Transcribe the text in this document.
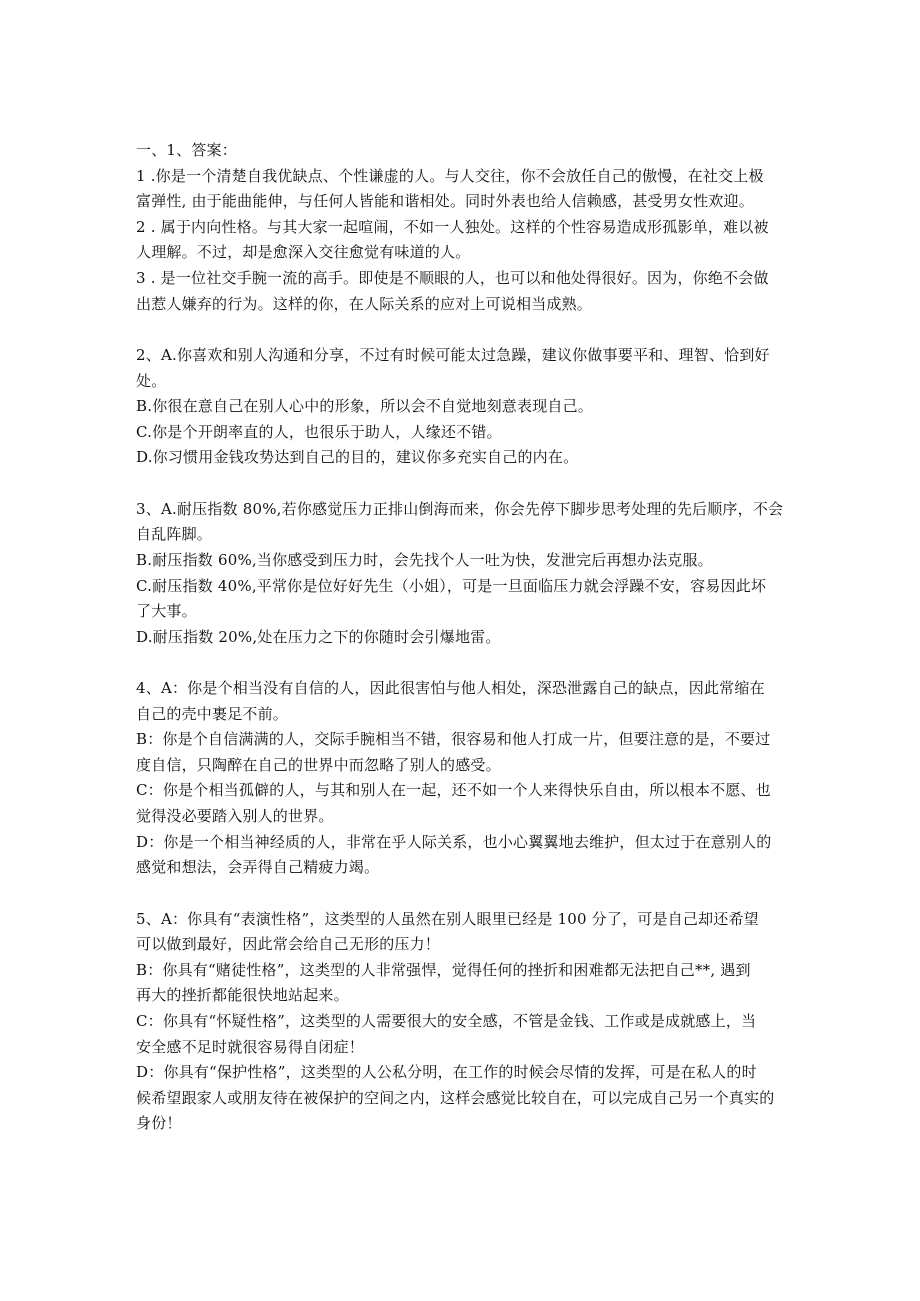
一、1、答案：
1 .你是一个清楚自我优缺点、个性谦虚的人。与人交往，你不会放任自己的傲慢，在社交上极
富弹性, 由于能曲能伸，与任何人皆能和谐相处。同时外表也给人信赖感，甚受男女性欢迎。
2 . 属于内向性格。与其大家一起喧闹，不如一人独处。这样的个性容易造成形孤影单，难以被
人理解。不过，却是愈深入交往愈觉有味道的人。
3 . 是一位社交手腕一流的高手。即使是不顺眼的人，也可以和他处得很好。因为，你绝不会做
出惹人嫌弃的行为。这样的你，在人际关系的应对上可说相当成熟。
2、A.你喜欢和别人沟通和分享，不过有时候可能太过急躁，建议你做事要平和、理智、恰到好
处。
B.你很在意自己在别人心中的形象，所以会不自觉地刻意表现自己。
C.你是个开朗率直的人，也很乐于助人，人缘还不错。
D.你习惯用金钱攻势达到自己的目的，建议你多充实自己的内在。
3、A.耐压指数 80%,若你感觉压力正排山倒海而来，你会先停下脚步思考处理的先后顺序，不会
自乱阵脚。
B.耐压指数 60%,当你感受到压力时，会先找个人一吐为快，发泄完后再想办法克服。
C.耐压指数 40%,平常你是位好好先生（小姐），可是一旦面临压力就会浮躁不安，容易因此坏
了大事。
D.耐压指数 20%,处在压力之下的你随时会引爆地雷。
4、A：你是个相当没有自信的人，因此很害怕与他人相处，深恐泄露自己的缺点，因此常缩在
自己的壳中裹足不前。
B：你是个自信满满的人，交际手腕相当不错，很容易和他人打成一片，但要注意的是，不要过
度自信，只陶醉在自己的世界中而忽略了别人的感受。
C：你是个相当孤僻的人，与其和别人在一起，还不如一个人来得快乐自由，所以根本不愿、也
觉得没必要踏入别人的世界。
D：你是一个相当神经质的人，非常在乎人际关系，也小心翼翼地去维护，但太过于在意别人的
感觉和想法，会弄得自己精疲力竭。
5、A：你具有“表演性格”，这类型的人虽然在别人眼里已经是 100 分了，可是自己却还希望
可以做到最好，因此常会给自己无形的压力！
B：你具有“赌徒性格”，这类型的人非常强悍，觉得任何的挫折和困难都无法把自己**, 遇到
再大的挫折都能很快地站起来。
C：你具有“怀疑性格”，这类型的人需要很大的安全感，不管是金钱、工作或是成就感上，当
安全感不足时就很容易得自闭症！
D：你具有“保护性格”，这类型的人公私分明，在工作的时候会尽情的发挥，可是在私人的时
候希望跟家人或朋友待在被保护的空间之内，这样会感觉比较自在，可以完成自己另一个真实的
身份！
